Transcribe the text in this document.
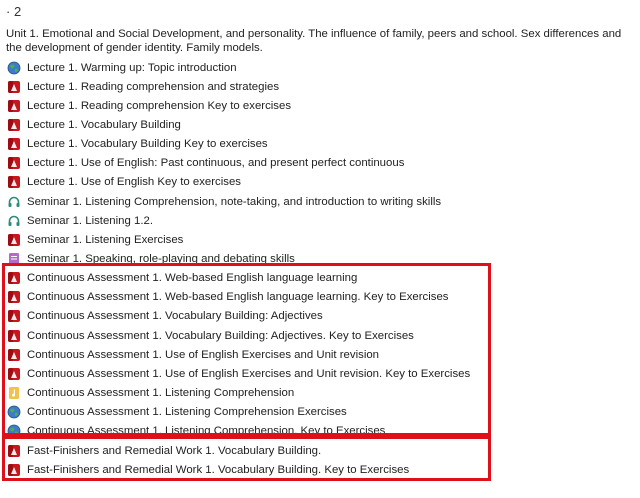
· 2
Unit 1. Emotional and Social Development, and personality. The influence of family, peers and school. Sex differences and the development of gender identity. Family models.
Lecture 1. Warming up: Topic introduction
Lecture 1. Reading comprehension and strategies
Lecture 1. Reading comprehension Key to exercises
Lecture 1. Vocabulary Building
Lecture 1. Vocabulary Building Key to exercises
Lecture 1. Use of English: Past continuous, and present perfect continuous
Lecture 1. Use of English Key to exercises
Seminar 1. Listening Comprehension, note-taking, and introduction to writing skills
Seminar 1. Listening 1.2.
Seminar 1. Listening Exercises
Seminar 1. Speaking, role-playing and debating skills
Continuous Assessment 1. Web-based English language learning
Continuous Assessment 1. Web-based English language learning. Key to Exercises
Continuous Assessment 1. Vocabulary Building: Adjectives
Continuous Assessment 1. Vocabulary Building: Adjectives. Key to Exercises
Continuous Assessment 1. Use of English Exercises and Unit revision
Continuous Assessment 1. Use of English Exercises and Unit revision. Key to Exercises
Continuous Assessment 1. Listening Comprehension
Continuous Assessment 1. Listening Comprehension Exercises
Continuous Assessment 1. Listening Comprehension. Key to Exercises
Fast-Finishers and Remedial Work 1. Vocabulary Building.
Fast-Finishers and Remedial Work 1. Vocabulary Building. Key to Exercises
